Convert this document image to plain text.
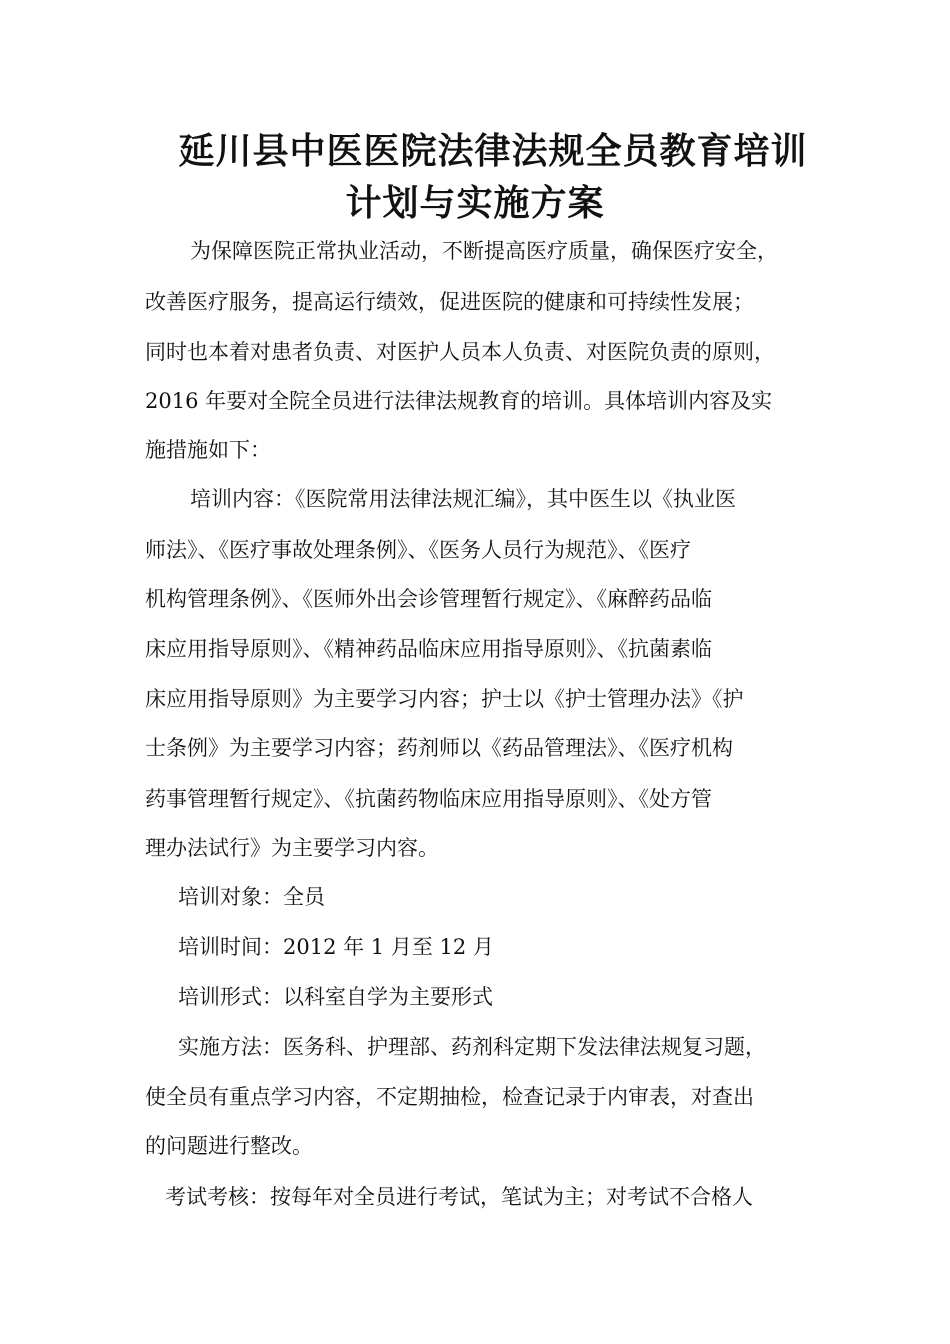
延川县中医医院法律法规全员教育培训
计划与实施方案
为保障医院正常执业活动，不断提高医疗质量，确保医疗安全，
改善医疗服务，提高运行绩效，促进医院的健康和可持续性发展；
同时也本着对患者负责、对医护人员本人负责、对医院负责的原则，
2016 年要对全院全员进行法律法规教育的培训。具体培训内容及实
施措施如下：
培训内容：《医院常用法律法规汇编》，其中医生以《执业医
师法》、《医疗事故处理条例》、《医务人员行为规范》、《医疗
机构管理条例》、《医师外出会诊管理暂行规定》、《麻醉药品临
床应用指导原则》、《精神药品临床应用指导原则》、《抗菌素临
床应用指导原则》为主要学习内容；护士以《护士管理办法》《护
士条例》为主要学习内容；药剂师以《药品管理法》、《医疗机构
药事管理暂行规定》、《抗菌药物临床应用指导原则》、《处方管
理办法试行》为主要学习内容。
培训对象：全员
培训时间：2012 年 1 月至 12 月
培训形式：以科室自学为主要形式
实施方法：医务科、护理部、药剂科定期下发法律法规复习题，
使全员有重点学习内容，不定期抽检，检查记录于内审表，对查出
的问题进行整改。
考试考核：按每年对全员进行考试，笔试为主；对考试不合格人
